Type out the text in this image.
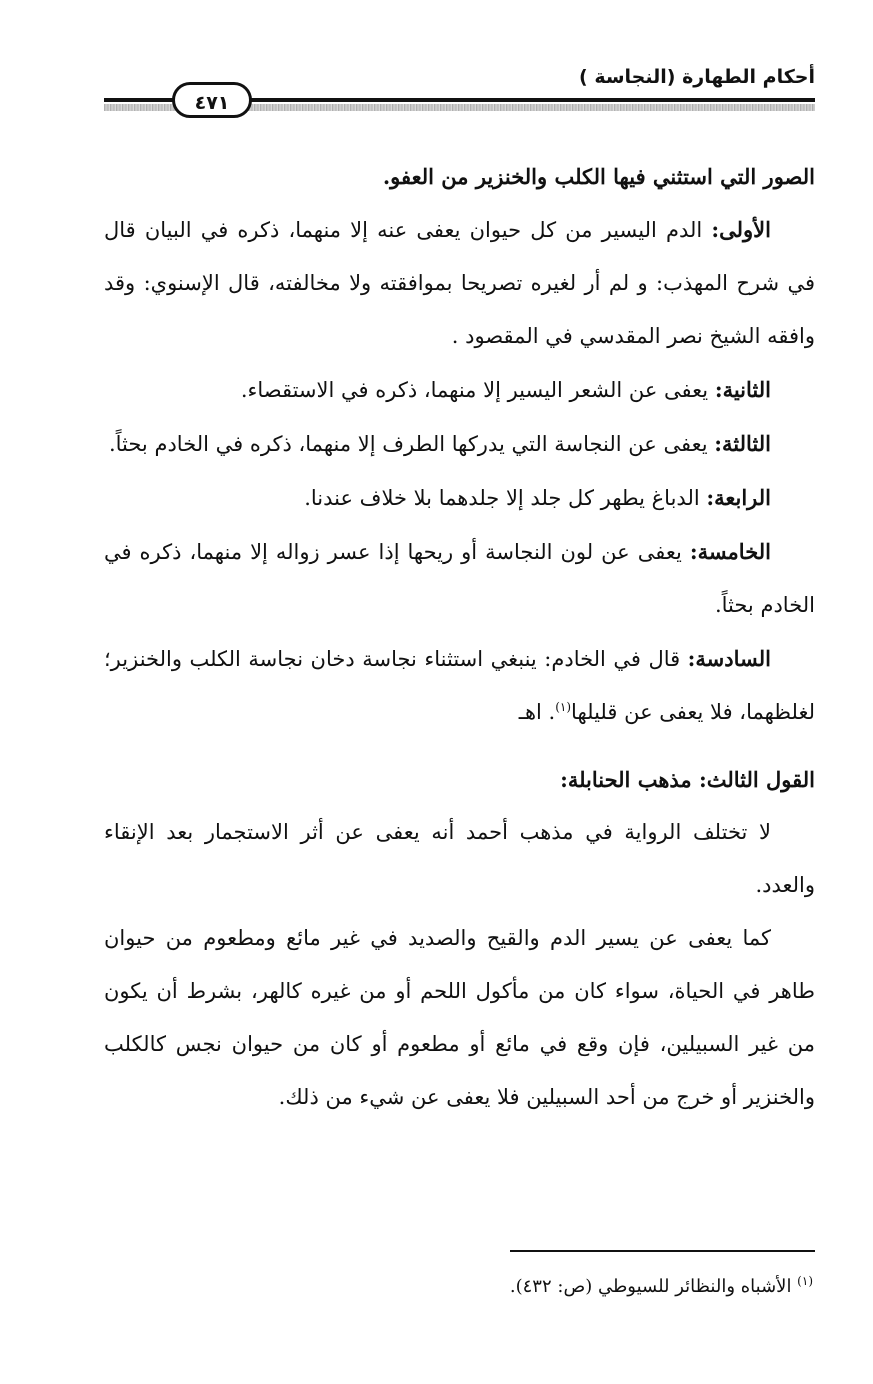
أحكام الطهارة (النجاسة )
٤٧١

الصور التي استثني فيها الكلب والخنزير من العفو.

الأولى: الدم اليسير من كل حيوان يعفى عنه إلا منهما، ذكره في البيان قال في شرح المهذب: و لم أر لغيره تصريحا بموافقته ولا مخالفته، قال الإسنوي: وقد وافقه الشيخ نصر المقدسي في المقصود .

الثانية: يعفى عن الشعر اليسير إلا منهما، ذكره في الاستقصاء.

الثالثة: يعفى عن النجاسة التي يدركها الطرف إلا منهما، ذكره في الخادم بحثاً.

الرابعة: الدباغ يطهر كل جلد إلا جلدهما بلا خلاف عندنا.

الخامسة: يعفى عن لون النجاسة أو ريحها إذا عسر زواله إلا منهما، ذكره في الخادم بحثاً.

السادسة: قال في الخادم: ينبغي استثناء نجاسة دخان نجاسة الكلب والخنزير؛ لغلظهما، فلا يعفى عن قليلها$^{(١)}$. اهـ

القول الثالث: مذهب الحنابلة:

لا تختلف الرواية في مذهب أحمد أنه يعفى عن أثر الاستجمار بعد الإنقاء والعدد.

كما يعفى عن يسير الدم والقيح والصديد في غير مائع ومطعوم من حيوان طاهر في الحياة، سواء كان من مأكول اللحم أو من غيره كالهر، بشرط أن يكون من غير السبيلين، فإن وقع في مائع أو مطعوم أو كان من حيوان نجس كالكلب والخنزير أو خرج من أحد السبيلين فلا يعفى عن شيء من ذلك.

$^{(١)}$ الأشباه والنظائر للسيوطي (ص: ٤٣٢).
